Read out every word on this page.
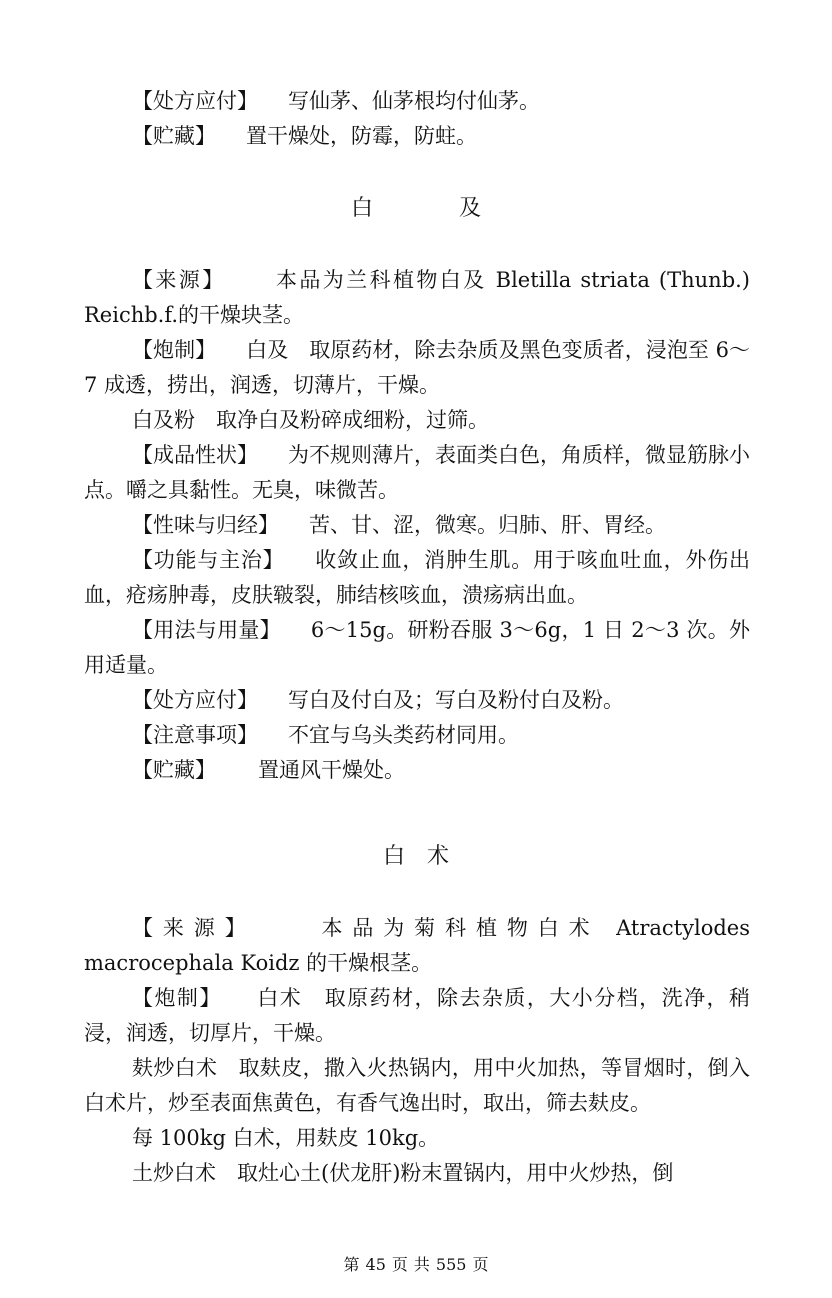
【处方应付】 写仙茅、仙茅根均付仙茅。

【贮藏】 置干燥处，防霉，防蛀。

白	及

【来源】 本品为兰科植物白及 Bletilla striata (Thunb.) Reichb.f.的干燥块茎。

【炮制】 白及　取原药材，除去杂质及黑色变质者，浸泡至 6～7 成透，捞出，润透，切薄片，干燥。

白及粉　取净白及粉碎成细粉，过筛。

【成品性状】 为不规则薄片，表面类白色，角质样，微显筋脉小点。嚼之具黏性。无臭，味微苦。

【性味与归经】 苦、甘、涩，微寒。归肺、肝、胃经。

【功能与主治】 收敛止血，消肿生肌。用于咳血吐血，外伤出血，疮疡肿毒，皮肤皲裂，肺结核咳血，溃疡病出血。

【用法与用量】 6～15g。研粉吞服 3～6g，1 日 2～3 次。外用适量。

【处方应付】 写白及付白及；写白及粉付白及粉。

【注意事项】 不宜与乌头类药材同用。

【贮藏】 置通风干燥处。

白 术

【来源】	本品为菊科植物白术 Atractylodes macrocephala Koidz 的干燥根茎。

【炮制】 白术　取原药材，除去杂质，大小分档，洗净，稍浸，润透，切厚片，干燥。

麸炒白术　取麸皮，撒入火热锅内，用中火加热，等冒烟时，倒入白术片，炒至表面焦黄色，有香气逸出时，取出，筛去麸皮。

每 100kg 白术，用麸皮 10kg。

土炒白术　取灶心土(伏龙肝)粉末置锅内，用中火炒热，倒

第 45 页 共 555 页
